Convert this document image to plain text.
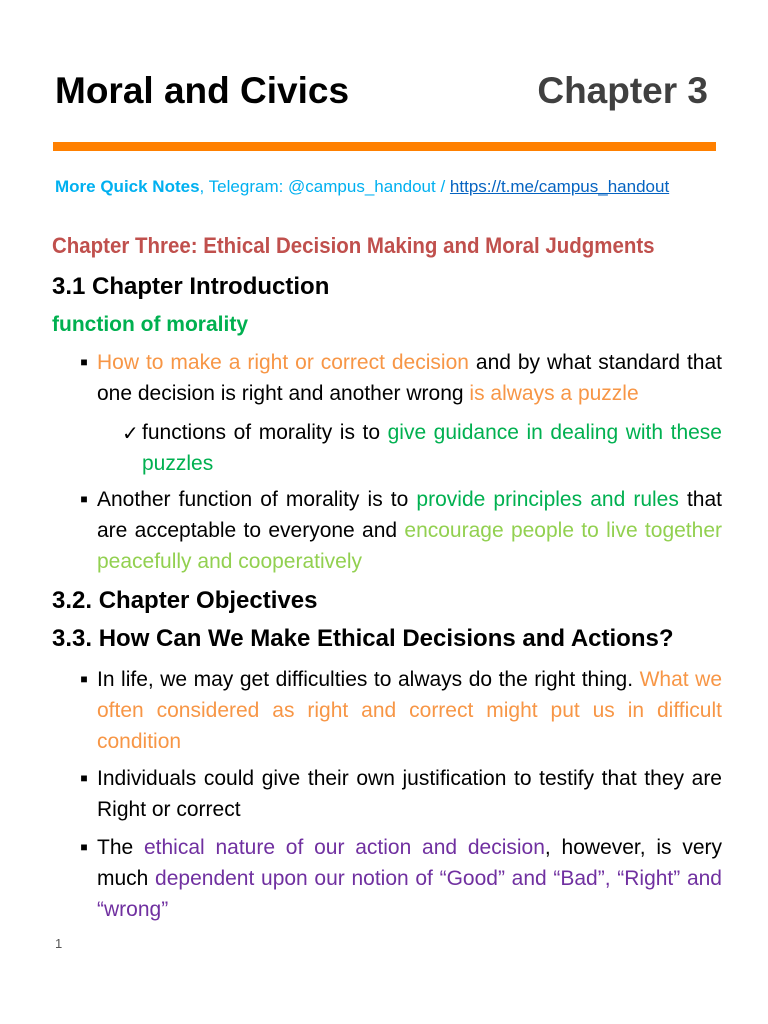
Moral and Civics	Chapter 3
More Quick Notes, Telegram: @campus_handout / https://t.me/campus_handout
Chapter Three: Ethical Decision Making and Moral Judgments
3.1 Chapter Introduction
function of morality
■ How to make a right or correct decision and by what standard that one decision is right and another wrong is always a puzzle
✓ functions of morality is to give guidance in dealing with these puzzles
■ Another function of morality is to provide principles and rules that are acceptable to everyone and encourage people to live together peacefully and cooperatively
3.2. Chapter Objectives
3.3. How Can We Make Ethical Decisions and Actions?
■ In life, we may get difficulties to always do the right thing. What we often considered as right and correct might put us in difficult condition
■ Individuals could give their own justification to testify that they are Right or correct
■ The ethical nature of our action and decision, however, is very much dependent upon our notion of “Good” and “Bad”, “Right” and “wrong”
1
